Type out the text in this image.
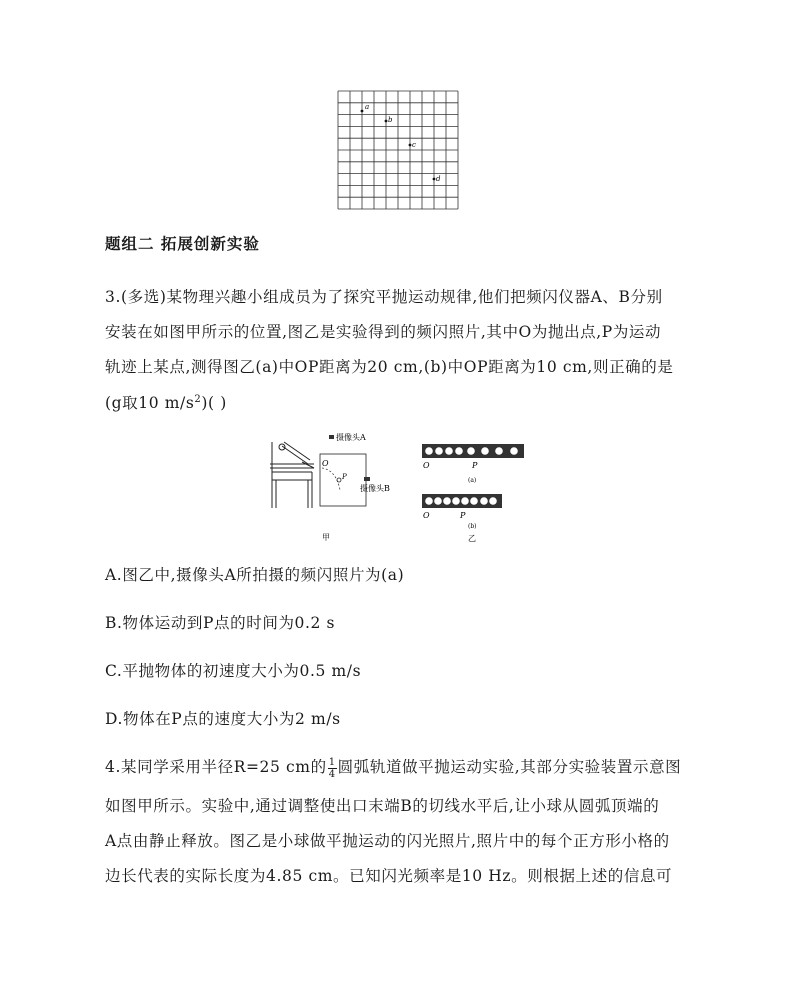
a
b
c
d
题组二 拓展创新实验
3.(多选)某物理兴趣小组成员为了探究平抛运动规律,他们把频闪仪器A、B分别
安装在如图甲所示的位置,图乙是实验得到的频闪照片,其中O为抛出点,P为运动
轨迹上某点,测得图乙(a)中OP距离为20 cm,(b)中OP距离为10 cm,则正确的是
(g取10 $m/s^2$)( )
摄像头A
摄像头B
O
P
甲
O	P
(a)
O	P
(b)
乙
A.图乙中,摄像头A所拍摄的频闪照片为(a)
B.物体运动到P点的时间为0.2 s
C.平抛物体的初速度大小为0.5 m/s
D.物体在P点的速度大小为2 m/s
4.某同学采用半径R=25 cm的 $\frac{1}{4}$ 圆弧轨道做平抛运动实验,其部分实验装置示意图
如图甲所示。实验中,通过调整使出口末端B的切线水平后,让小球从圆弧顶端的
A点由静止释放。图乙是小球做平抛运动的闪光照片,照片中的每个正方形小格的
边长代表的实际长度为4.85 cm。已知闪光频率是10 Hz。则根据上述的信息可
